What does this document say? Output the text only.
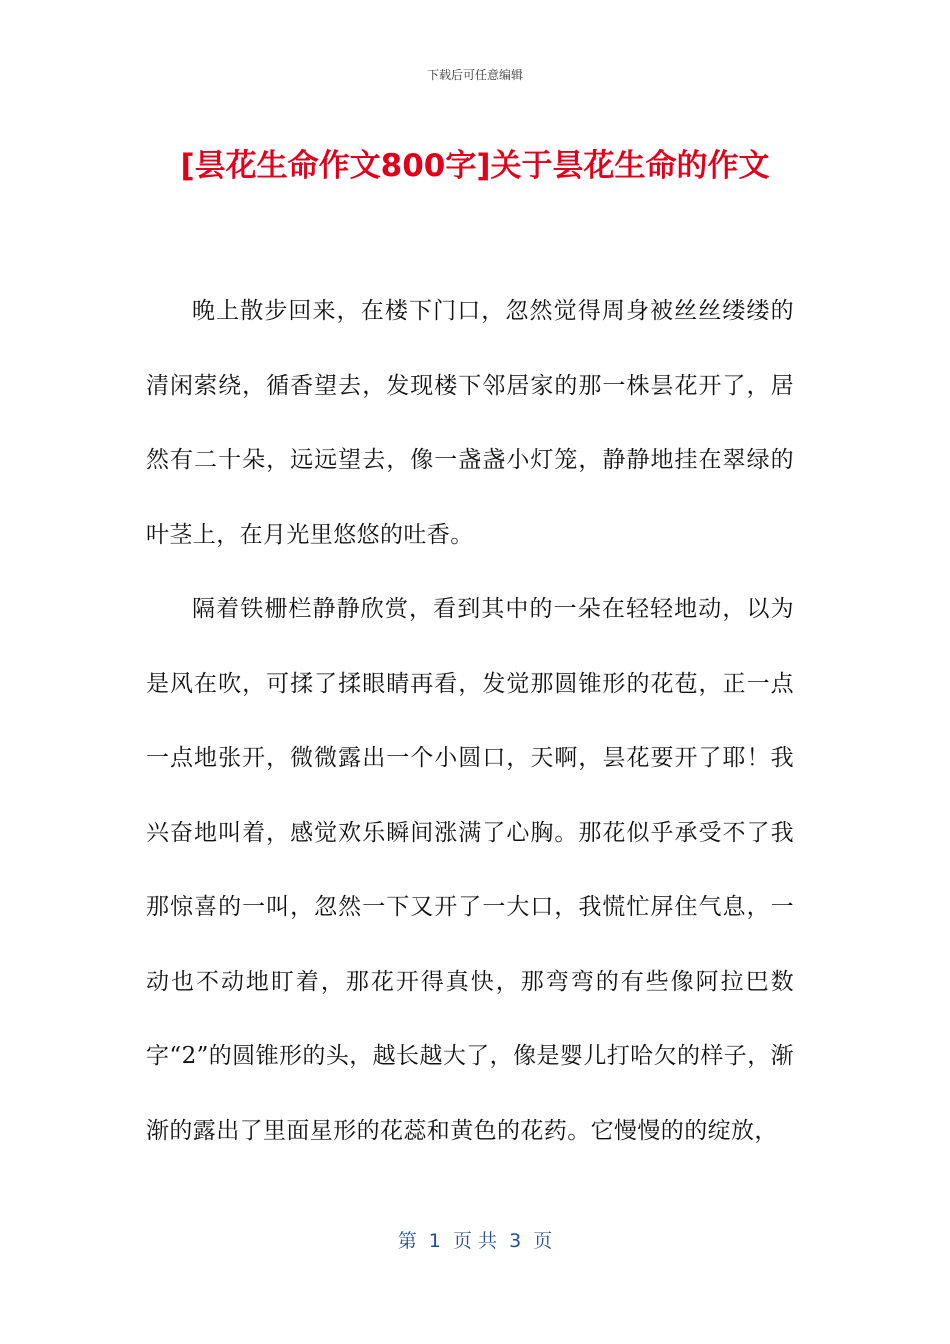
下载后可任意编辑
[昙花生命作文800字]关于昙花生命的作文

晚上散步回来，在楼下门口，忽然觉得周身被丝丝缕缕的清闲萦绕，循香望去，发现楼下邻居家的那一株昙花开了，居然有二十朵，远远望去，像一盏盏小灯笼，静静地挂在翠绿的叶茎上，在月光里悠悠的吐香。

隔着铁栅栏静静欣赏，看到其中的一朵在轻轻地动，以为是风在吹，可揉了揉眼睛再看，发觉那圆锥形的花苞，正一点一点地张开，微微露出一个小圆口，天啊，昙花要开了耶！我兴奋地叫着，感觉欢乐瞬间涨满了心胸。那花似乎承受不了我那惊喜的一叫，忽然一下又开了一大口，我慌忙屏住气息，一动也不动地盯着，那花开得真快，那弯弯的有些像阿拉巴数字“2”的圆锥形的头，越长越大了，像是婴儿打哈欠的样子，渐渐的露出了里面星形的花蕊和黄色的花药。它慢慢的的绽放，

第  1  页 共  3  页
